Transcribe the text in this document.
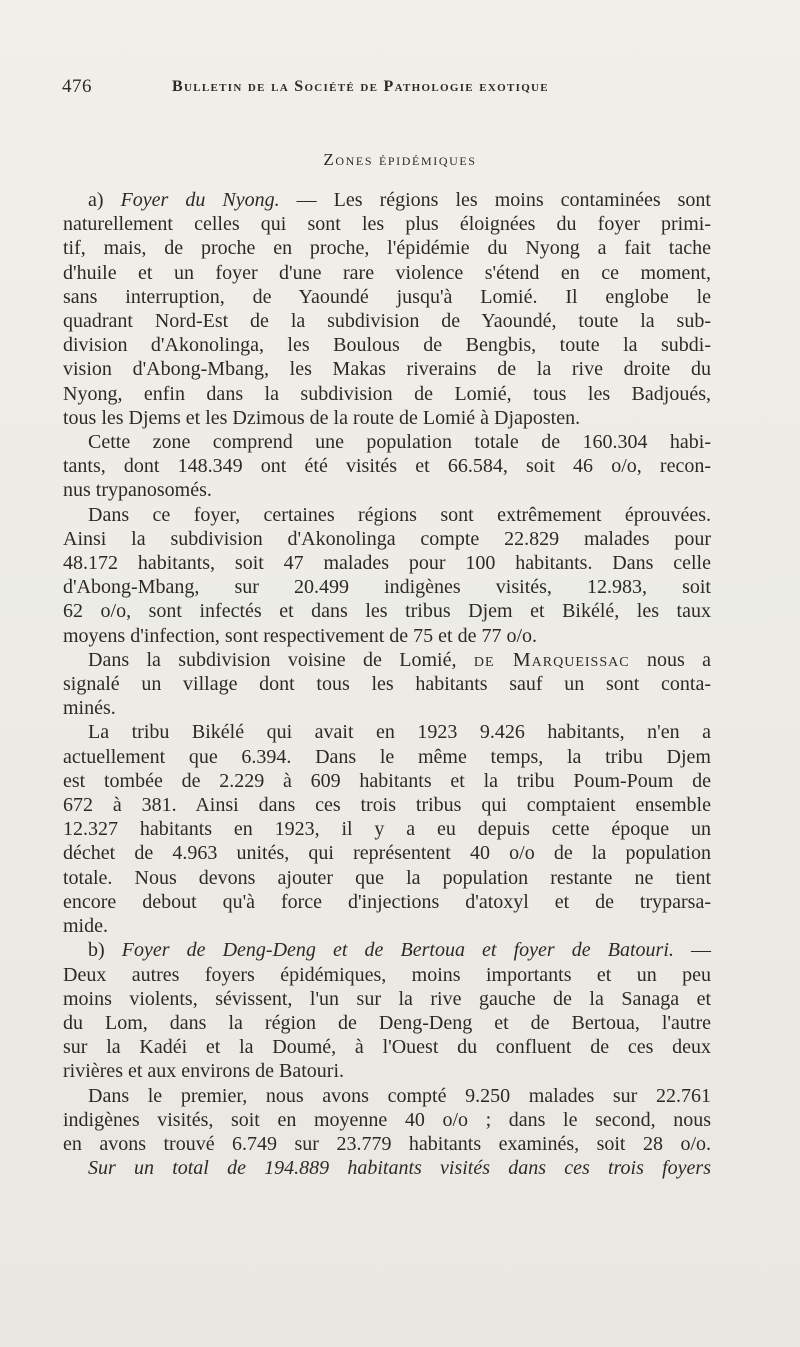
476	Bulletin de la Société de Pathologie exotique
Zones épidémiques
a) Foyer du Nyong. — Les régions les moins contaminées sont
naturellement celles qui sont les plus éloignées du foyer primi-
tif, mais, de proche en proche, l'épidémie du Nyong a fait tache
d'huile et un foyer d'une rare violence s'étend en ce moment,
sans interruption, de Yaoundé jusqu'à Lomié. Il englobe le
quadrant Nord-Est de la subdivision de Yaoundé, toute la sub-
division d'Akonolinga, les Boulous de Bengbis, toute la subdi-
vision d'Abong-Mbang, les Makas riverains de la rive droite du
Nyong, enfin dans la subdivision de Lomié, tous les Badjoués,
tous les Djems et les Dzimous de la route de Lomié à Djaposten.
Cette zone comprend une population totale de 160.304 habi-
tants, dont 148.349 ont été visités et 66.584, soit 46 o/o, recon-
nus trypanosomés.
Dans ce foyer, certaines régions sont extrêmement éprouvées.
Ainsi la subdivision d'Akonolinga compte 22.829 malades pour
48.172 habitants, soit 47 malades pour 100 habitants. Dans celle
d'Abong-Mbang, sur 20.499 indigènes visités, 12.983, soit
62 o/o, sont infectés et dans les tribus Djem et Bikélé, les taux
moyens d'infection, sont respectivement de 75 et de 77 o/o.
Dans la subdivision voisine de Lomié, de Marqueissac nous a
signalé un village dont tous les habitants sauf un sont conta-
minés.
La tribu Bikélé qui avait en 1923 9.426 habitants, n'en a
actuellement que 6.394. Dans le même temps, la tribu Djem
est tombée de 2.229 à 609 habitants et la tribu Poum-Poum de
672 à 381. Ainsi dans ces trois tribus qui comptaient ensemble
12.327 habitants en 1923, il y a eu depuis cette époque un
déchet de 4.963 unités, qui représentent 40 o/o de la population
totale. Nous devons ajouter que la population restante ne tient
encore debout qu'à force d'injections d'atoxyl et de tryparsa-
mide.
b) Foyer de Deng-Deng et de Bertoua et foyer de Batouri. —
Deux autres foyers épidémiques, moins importants et un peu
moins violents, sévissent, l'un sur la rive gauche de la Sanaga et
du Lom, dans la région de Deng-Deng et de Bertoua, l'autre
sur la Kadéi et la Doumé, à l'Ouest du confluent de ces deux
rivières et aux environs de Batouri.
Dans le premier, nous avons compté 9.250 malades sur 22.761
indigènes visités, soit en moyenne 40 o/o ; dans le second, nous
en avons trouvé 6.749 sur 23.779 habitants examinés, soit 28 o/o.
Sur un total de 194.889 habitants visités dans ces trois foyers
